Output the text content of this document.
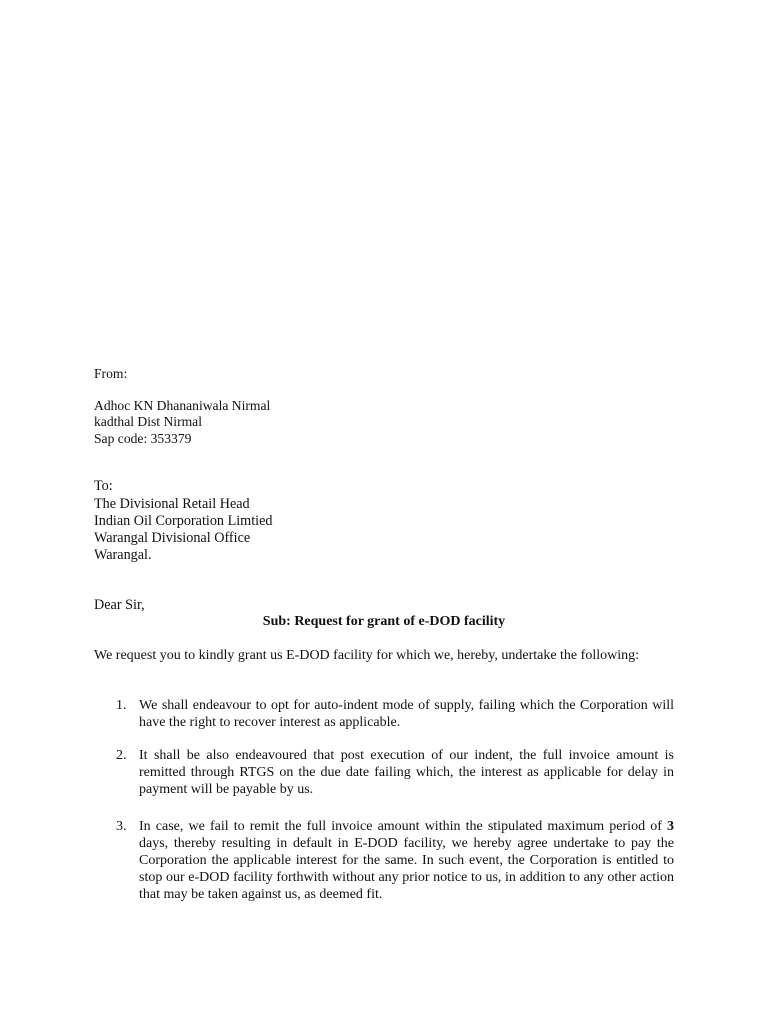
From:
Adhoc KN Dhananiwala Nirmal
kadthal Dist Nirmal
Sap code: 353379
To:
The Divisional Retail Head
Indian Oil Corporation Limtied
Warangal Divisional Office
Warangal.
Dear Sir,
Sub: Request for grant of e-DOD facility
We request you to kindly grant us E-DOD facility for which we, hereby, undertake the following:
1. We shall endeavour to opt for auto-indent mode of supply, failing which the Corporation will have the right to recover interest as applicable.
2. It shall be also endeavoured that post execution of our indent, the full invoice amount is remitted through RTGS on the due date failing which, the interest as applicable for delay in payment will be payable by us.
3. In case, we fail to remit the full invoice amount within the stipulated maximum period of 3 days, thereby resulting in default in E-DOD facility, we hereby agree undertake to pay the Corporation the applicable interest for the same. In such event, the Corporation is entitled to stop our e-DOD facility forthwith without any prior notice to us, in addition to any other action that may be taken against us, as deemed fit.
